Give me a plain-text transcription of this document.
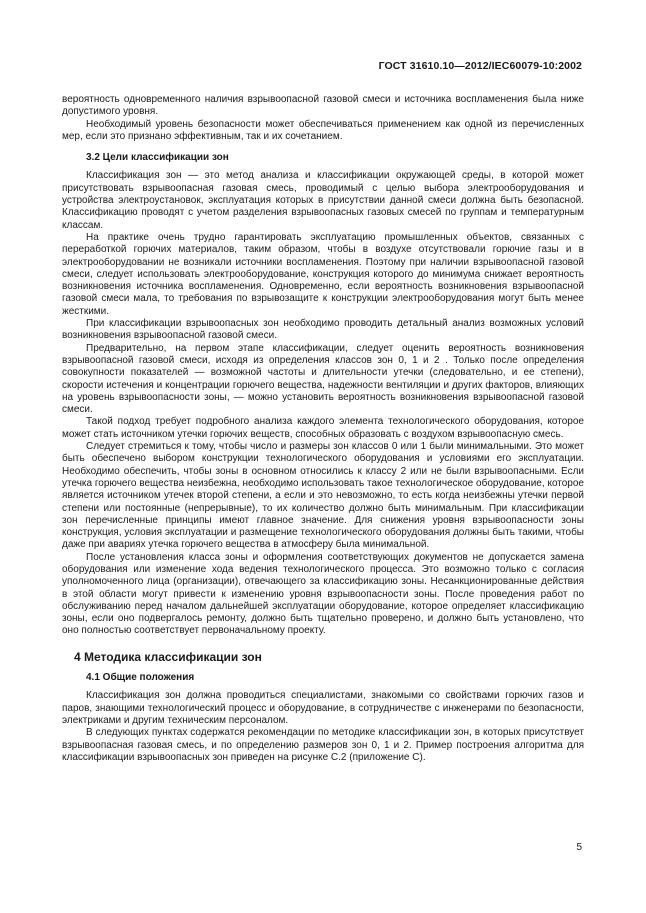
ГОСТ 31610.10—2012/IEC60079-10:2002

вероятность одновременного наличия взрывоопасной газовой смеси и источника воспламенения была ниже допустимого уровня.

Необходимый уровень безопасности может обеспечиваться применением как одной из перечисленных мер, если это признано эффективным, так и их сочетанием.

3.2 Цели классификации зон

Классификация зон — это метод анализа и классификации окружающей среды, в которой может присутствовать взрывоопасная газовая смесь, проводимый с целью выбора электрооборудования и устройства электроустановок, эксплуатация которых в присутствии данной смеси должна быть безопасной. Классификацию проводят с учетом разделения взрывоопасных газовых смесей по группам и температурным классам.

На практике очень трудно гарантировать эксплуатацию промышленных объектов, связанных с переработкой горючих материалов, таким образом, чтобы в воздухе отсутствовали горючие газы и в электрооборудовании не возникали источники воспламенения. Поэтому при наличии взрывоопасной газовой смеси, следует использовать электрооборудование, конструкция которого до минимума снижает вероятность возникновения источника воспламенения. Одновременно, если вероятность возникновения взрывоопасной газовой смеси мала, то требования по взрывозащите к конструкции электрооборудования могут быть менее жесткими.

При классификации взрывоопасных зон необходимо проводить детальный анализ возможных условий возникновения взрывоопасной газовой смеси.

Предварительно, на первом этапе классификации, следует оценить вероятность возникновения взрывоопасной газовой смеси, исходя из определения классов зон 0, 1 и 2 . Только после определения совокупности показателей — возможной частоты и длительности утечки (следовательно, и ее степени), скорости истечения и концентрации горючего вещества, надежности вентиляции и других факторов, влияющих на уровень взрывоопасности зоны, — можно установить вероятность возникновения взрывоопасной газовой смеси.

Такой подход требует подробного анализа каждого элемента технологического оборудования, которое может стать источником утечки горючих веществ, способных образовать с воздухом взрывоопасную смесь.

Следует стремиться к тому, чтобы число и размеры зон классов 0 или 1 были минимальными. Это может быть обеспечено выбором конструкции технологического оборудования и условиями его эксплуатации. Необходимо обеспечить, чтобы зоны в основном относились к классу 2 или не были взрывоопасными. Если утечка горючего вещества неизбежна, необходимо использовать такое технологическое оборудование, которое является источником утечек второй степени, а если и это невозможно, то есть когда неизбежны утечки первой степени или постоянные (непрерывные), то их количество должно быть минимальным. При классификации зон перечисленные принципы имеют главное значение. Для снижения уровня взрывоопасности зоны конструкция, условия эксплуатации и размещение технологического оборудования должны быть такими, чтобы даже при авариях утечка горючего вещества в атмосферу была минимальной.

После установления класса зоны и оформления соответствующих документов не допускается замена оборудования или изменение хода ведения технологического процесса. Это возможно только с согласия уполномоченного лица (организации), отвечающего за классификацию зоны. Несанкционированные действия в этой области могут привести к изменению уровня взрывоопасности зоны. После проведения работ по обслуживанию перед началом дальнейшей эксплуатации оборудование, которое определяет классификацию зоны, если оно подвергалось ремонту, должно быть тщательно проверено, и должно быть установлено, что оно полностью соответствует первоначальному проекту.

4 Методика классификации зон
4.1 Общие положения

Классификация зон должна проводиться специалистами, знакомыми со свойствами горючих газов и паров, знающими технологический процесс и оборудование, в сотрудничестве с инженерами по безопасности, электриками и другим техническим персоналом.

В следующих пунктах содержатся рекомендации по методике классификации зон, в которых присутствует взрывоопасная газовая смесь, и по определению размеров зон 0, 1 и 2. Пример построения алгоритма для классификации взрывоопасных зон приведен на рисунке С.2 (приложение С).

5
